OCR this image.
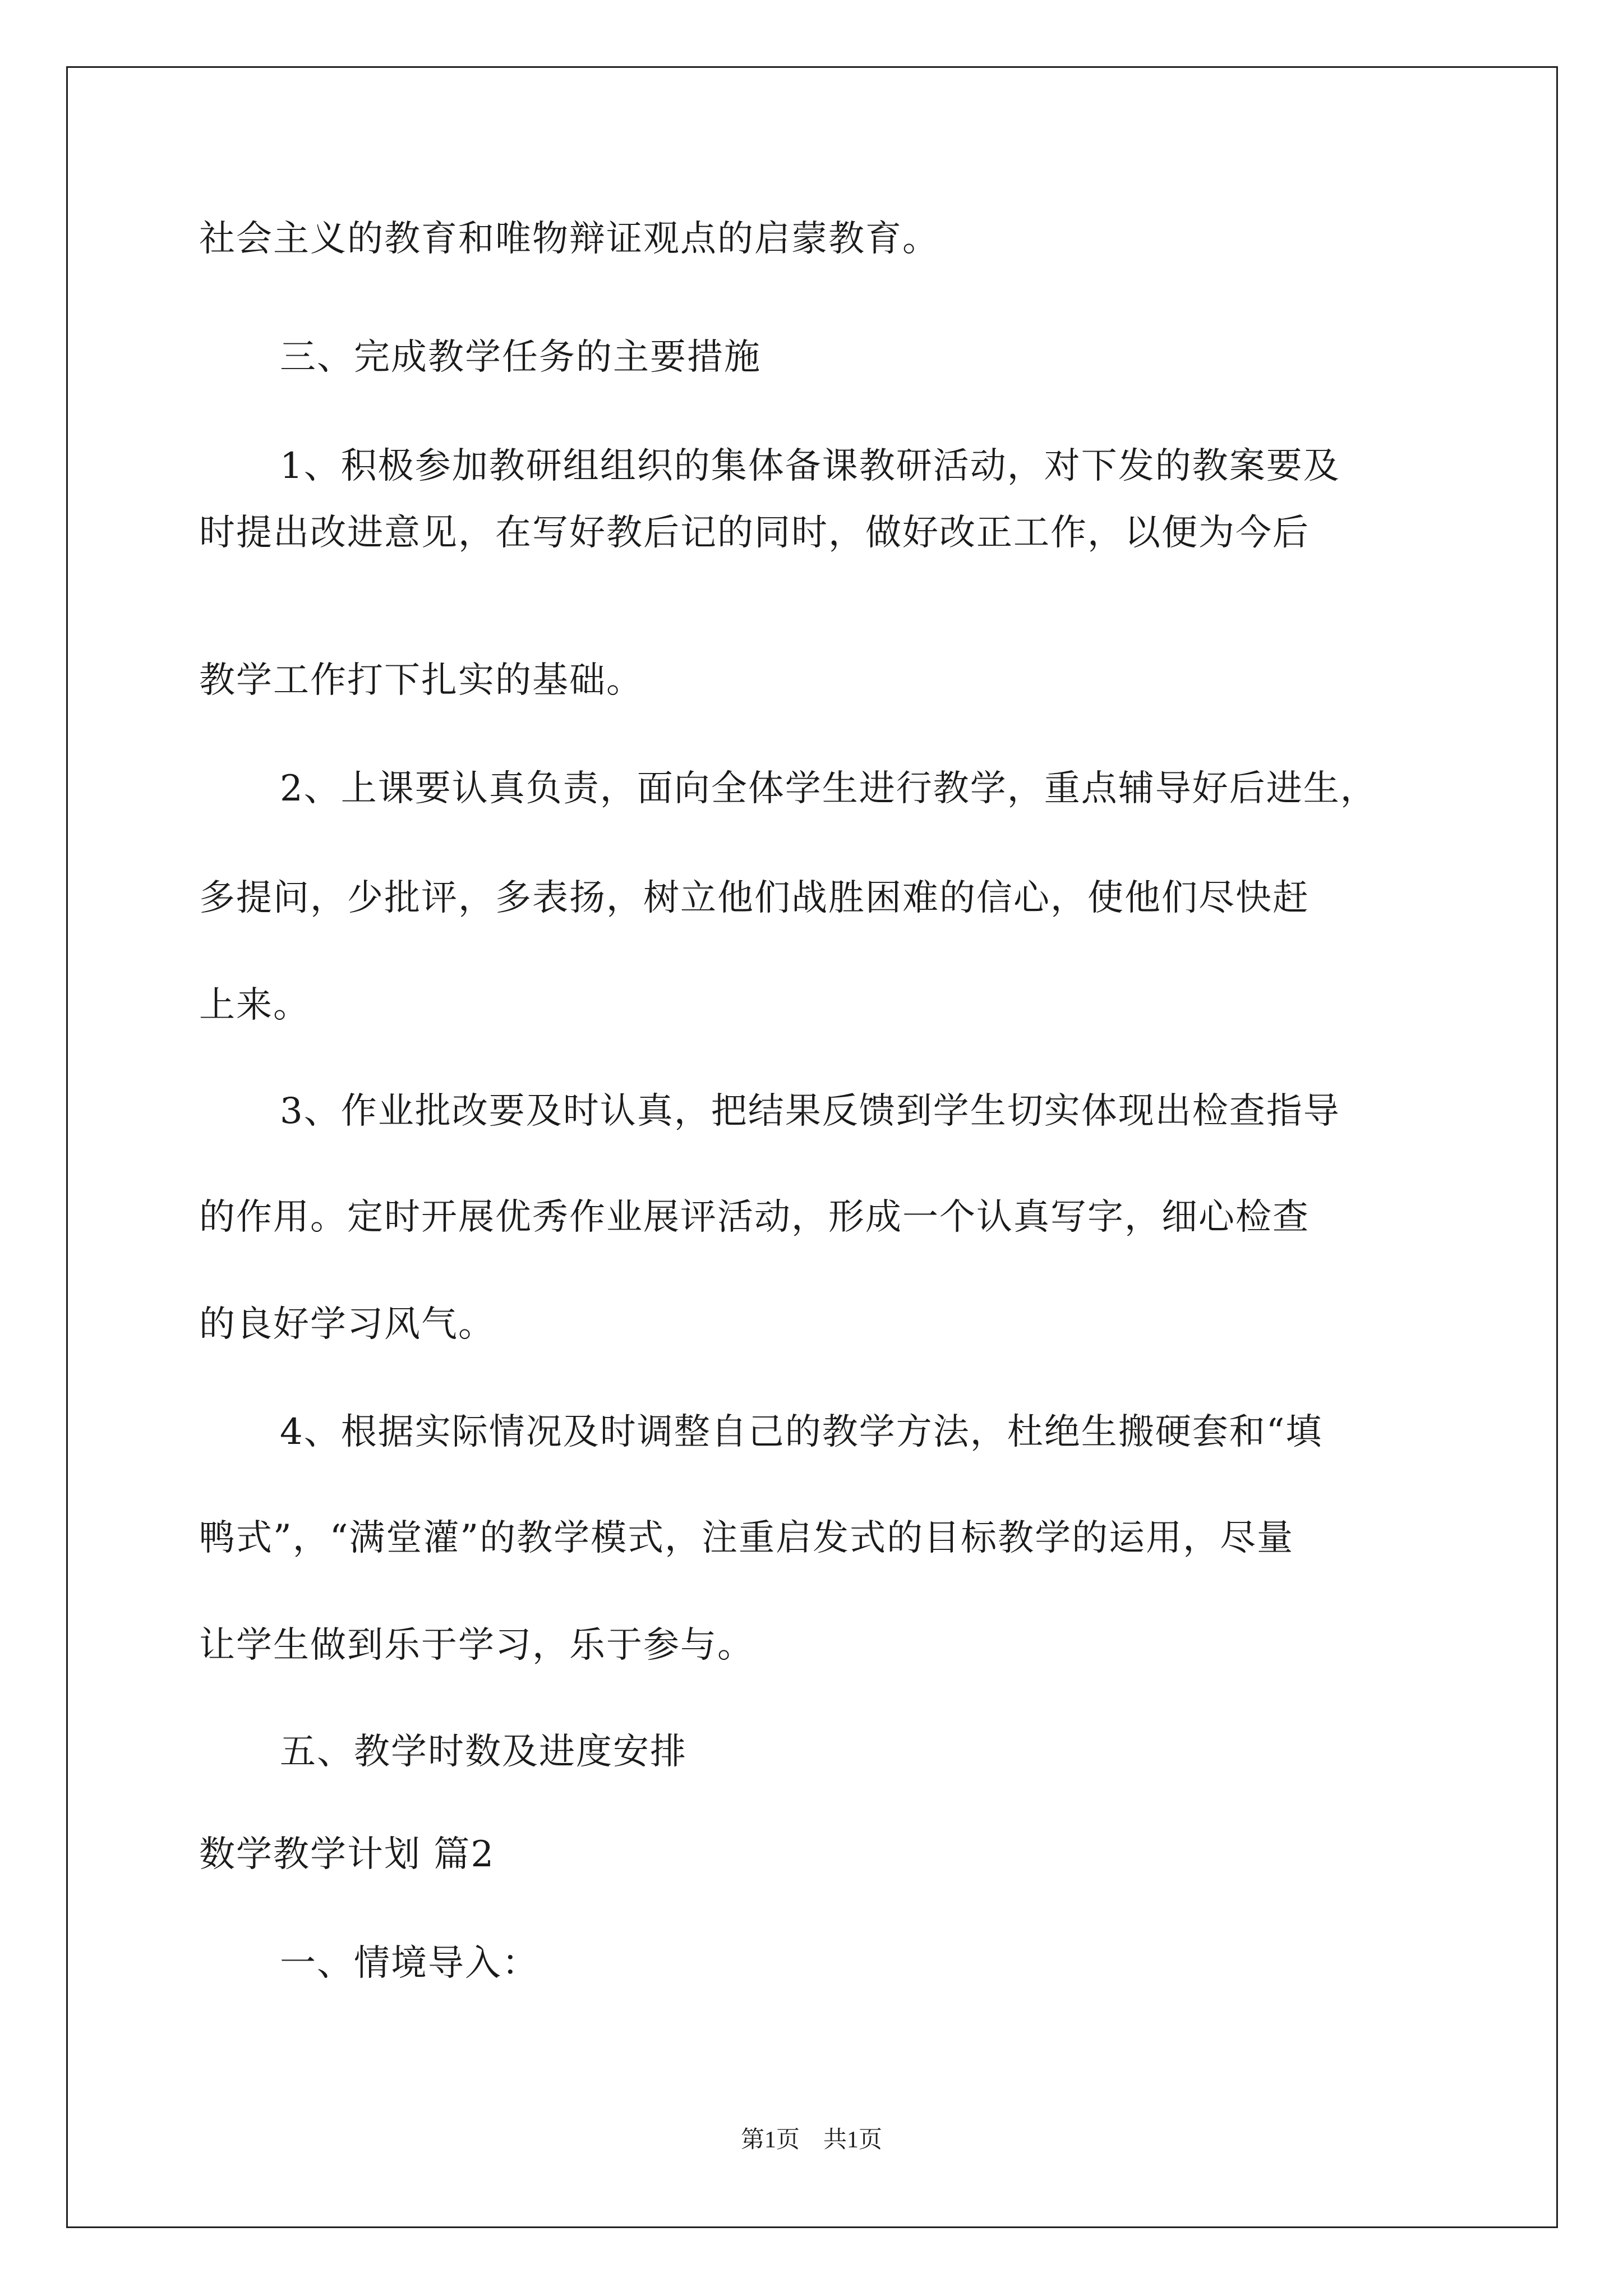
社会主义的教育和唯物辩证观点的启蒙教育。
三、完成教学任务的主要措施
1、积极参加教研组组织的集体备课教研活动，对下发的教案要及
时提出改进意见，在写好教后记的同时，做好改正工作，以便为今后
教学工作打下扎实的基础。
2、上课要认真负责，面向全体学生进行教学，重点辅导好后进生，
多提问，少批评，多表扬，树立他们战胜困难的信心，使他们尽快赶
上来。
3、作业批改要及时认真，把结果反馈到学生切实体现出检查指导
的作用。定时开展优秀作业展评活动，形成一个认真写字，细心检查
的良好学习风气。
4、根据实际情况及时调整自己的教学方法，杜绝生搬硬套和“填
鸭式”，“满堂灌”的教学模式，注重启发式的目标教学的运用，尽量
让学生做到乐于学习，乐于参与。
五、教学时数及进度安排
数学教学计划 篇2
一、情境导入：
第1页　共1页
